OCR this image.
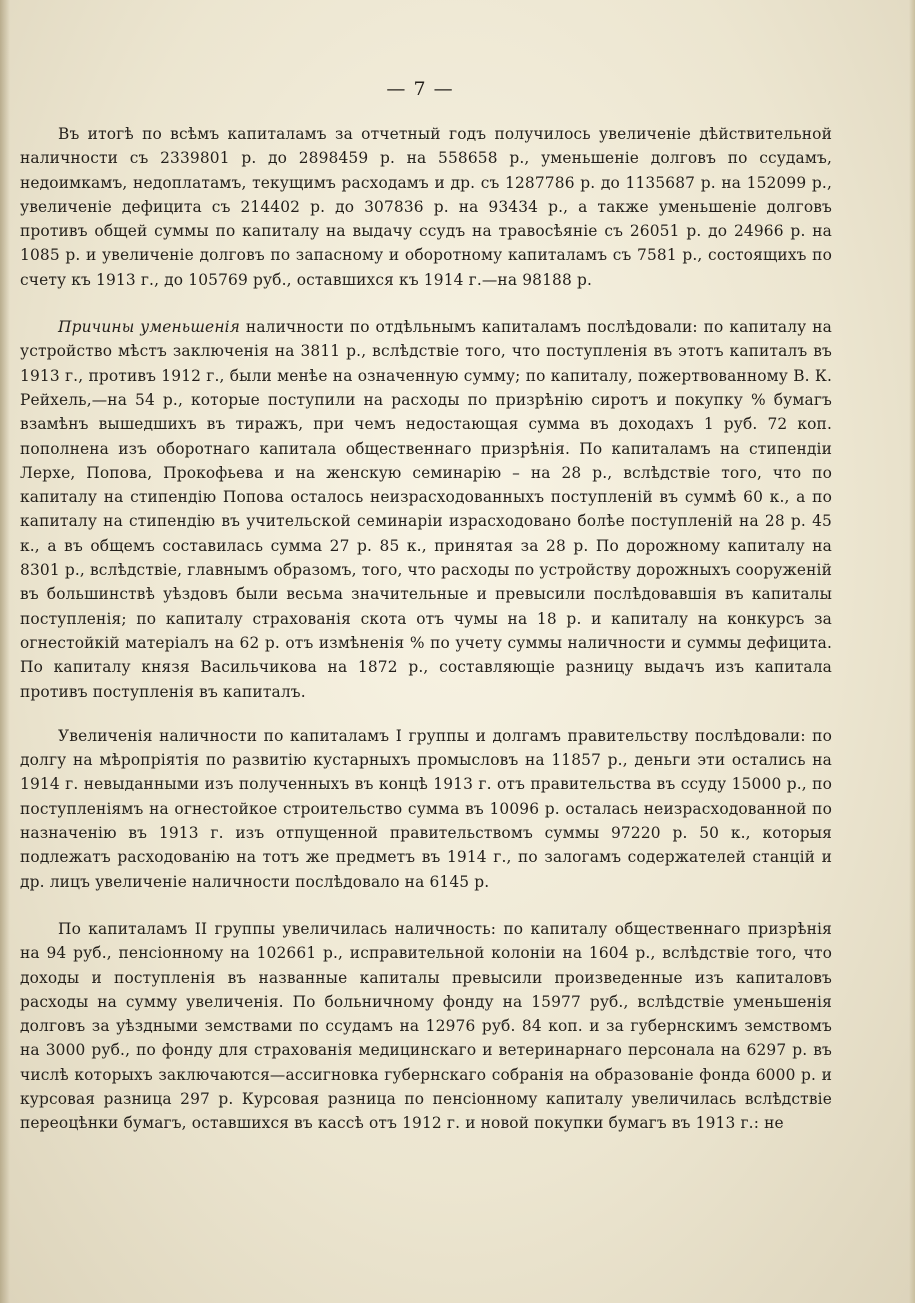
— 7 —

Въ итогѣ по всѣмъ капиталамъ за отчетный годъ получилось увеличеніе дѣйствительной наличности съ 2339801 р. до 2898459 р. на 558658 р., уменьшеніе долговъ по ссудамъ, недоимкамъ, недоплатамъ, текущимъ расходамъ и др. съ 1287786 р. до 1135687 р. на 152099 р., увеличеніе дефицита съ 214402 р. до 307836 р. на 93434 р., а также уменьшеніе долговъ противъ общей суммы по капиталу на выдачу ссудъ на травосѣяніе съ 26051 р. до 24966 р. на 1085 р. и увеличеніе долговъ по запасному и оборотному капиталамъ съ 7581 р., состоящихъ по счету къ 1913 г., до 105769 руб., оставшихся къ 1914 г.—на 98188 р.

Причины уменьшенія наличности по отдѣльнымъ капиталамъ послѣдовали: по капиталу на устройство мѣстъ заключенія на 3811 р., вслѣдствіе того, что поступленія въ этотъ капиталъ въ 1913 г., противъ 1912 г., были менѣе на означенную сумму; по капиталу, пожертвованному В. К. Рейхель,—на 54 р., которые поступили на расходы по призрѣнію сиротъ и покупку % бумагъ взамѣнъ вышедшихъ въ тиражъ, при чемъ недостающая сумма въ доходахъ 1 руб. 72 коп. пополнена изъ оборотнаго капитала общественнаго призрѣнія. По капиталамъ на стипендіи Лерхе, Попова, Прокофьева и на женскую семинарію – на 28 р., вслѣдствіе того, что по капиталу на стипендію Попова осталось неизрасходованныхъ поступленій въ суммѣ 60 к., а по капиталу на стипендію въ учительской семинаріи израсходовано болѣе поступленій на 28 р. 45 к., а въ общемъ составилась сумма 27 р. 85 к., принятая за 28 р. По дорожному капиталу на 8301 р., вслѣдствіе, главнымъ образомъ, того, что расходы по устройству дорожныхъ сооруженій въ большинствѣ уѣздовъ были весьма значительные и превысили послѣдовавшія въ капиталы поступленія; по капиталу страхованія скота отъ чумы на 18 р. и капиталу на конкурсъ за огнестойкій матеріалъ на 62 р. отъ измѣненія % по учету суммы наличности и суммы дефицита. По капиталу князя Васильчикова на 1872 р., составляющіе разницу выдачъ изъ капитала противъ поступленія въ капиталъ.

Увеличенія наличности по капиталамъ I группы и долгамъ правительству послѣдовали: по долгу на мѣропріятія по развитію кустарныхъ промысловъ на 11857 р., деньги эти остались на 1914 г. невыданными изъ полученныхъ въ концѣ 1913 г. отъ правительства въ ссуду 15000 р., по поступленіямъ на огнестойкое строительство сумма въ 10096 р. осталась неизрасходованной по назначенію въ 1913 г. изъ отпущенной правительствомъ суммы 97220 р. 50 к., которыя подлежатъ расходованію на тотъ же предметъ въ 1914 г., по залогамъ содержателей станцій и др. лицъ увеличеніе наличности послѣдовало на 6145 р.

По капиталамъ II группы увеличилась наличность: по капиталу общественнаго призрѣнія на 94 руб., пенсіонному на 102661 р., исправительной колоніи на 1604 р., вслѣдствіе того, что доходы и поступленія въ названные капиталы превысили произведенные изъ капиталовъ расходы на сумму увеличенія. По больничному фонду на 15977 руб., вслѣдствіе уменьшенія долговъ за уѣздными земствами по ссудамъ на 12976 руб. 84 коп. и за губернскимъ земствомъ на 3000 руб., по фонду для страхованія медицинскаго и ветеринарнаго персонала на 6297 р. въ числѣ которыхъ заключаются—ассигновка губернскаго собранія на образованіе фонда 6000 р. и курсовая разница 297 р. Курсовая разница по пенсіонному капиталу увеличилась вслѣдствіе переоцѣнки бумагъ, оставшихся въ кассѣ отъ 1912 г. и новой покупки бумагъ въ 1913 г.: не
